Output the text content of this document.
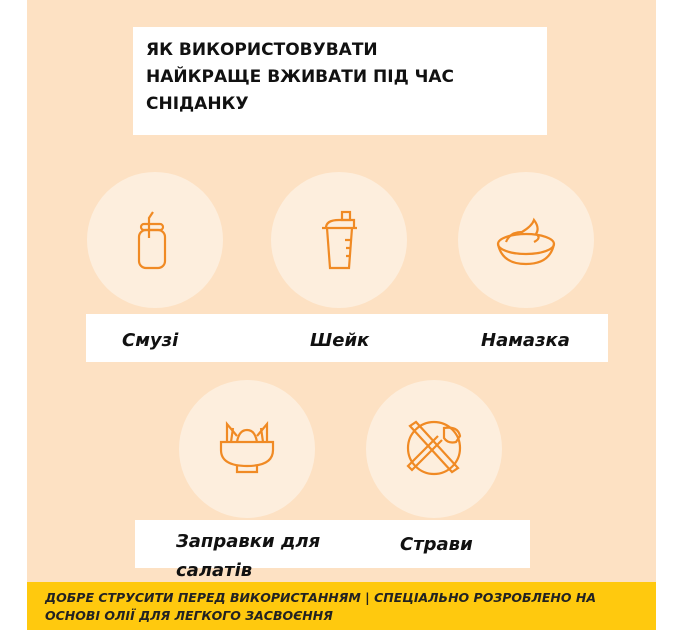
ЯК ВИКОРИСТОВУВАТИ
НАЙКРАЩЕ ВЖИВАТИ ПІД ЧАС
СНІДАНКУ
Смузі	Шейк	Намазка
Заправки для салатів
Страви
ДОБРЕ СТРУСИТИ ПЕРЕД ВИКОРИСТАННЯМ | СПЕЦІАЛЬНО РОЗРОБЛЕНО НА ОСНОВІ ОЛІЇ ДЛЯ ЛЕГКОГО ЗАСВОЄННЯ
